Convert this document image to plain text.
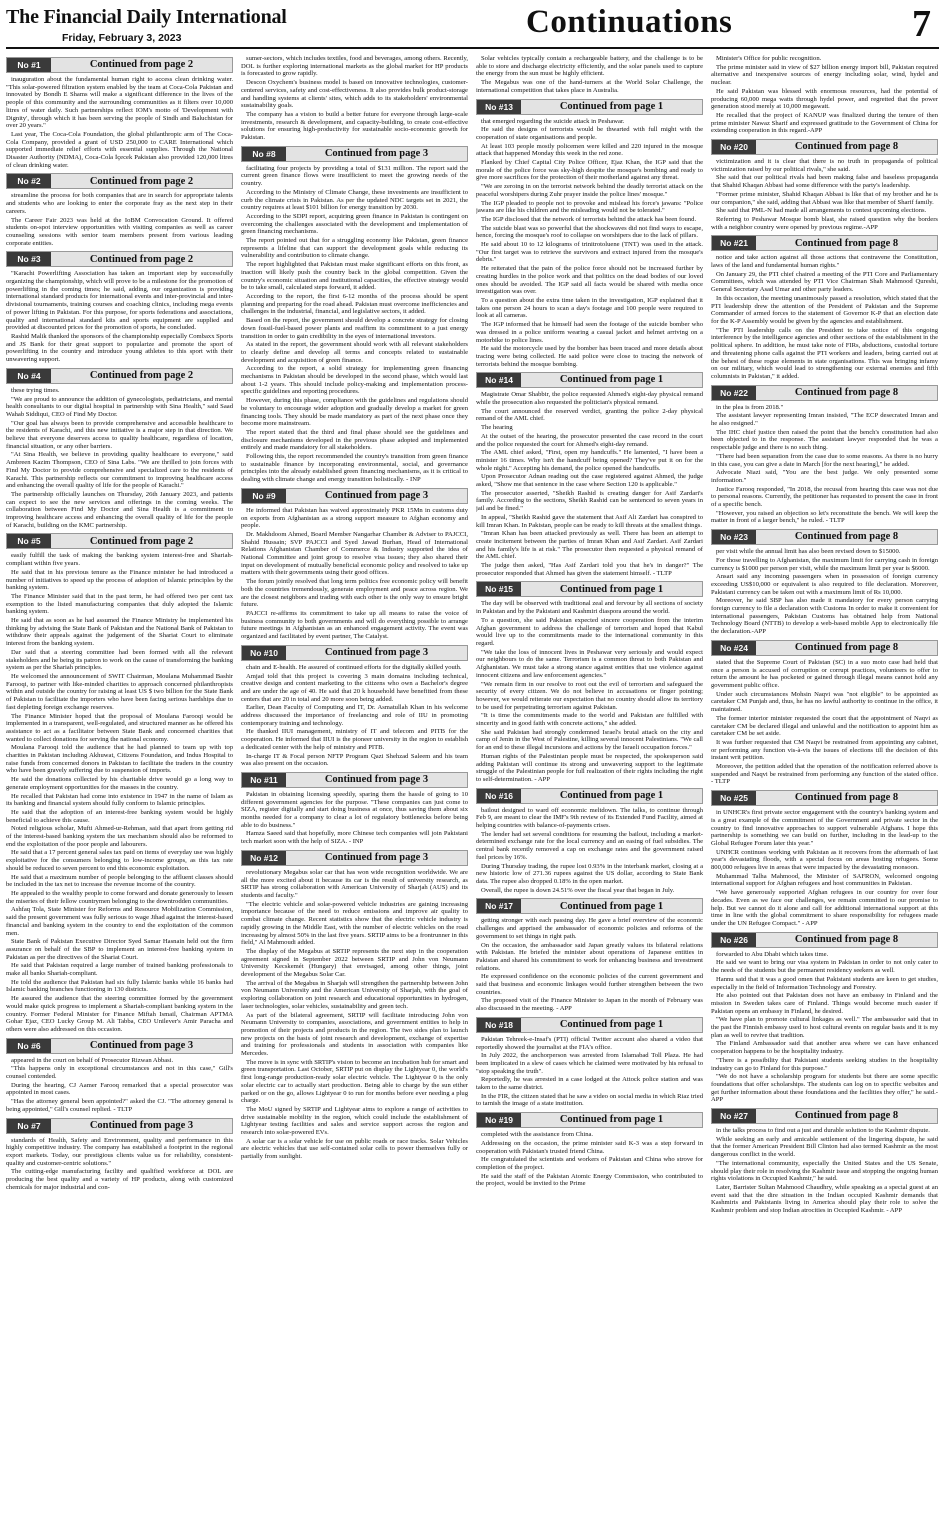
The Financial Daily International
Friday, February 3, 2023	Continuations	7
No #1	Continued from page 2

inauguration about the fundamental human right to access clean drinking water. "This solar-powered filtration system enabled by the team at Coca-Cola Pakistan and innovated by Bondh E Shams will make a significant difference in the lives of the people of this community and the surrounding communities as it filters over 10,000 litres of water daily. Such partnerships reflect IOM's motto of 'Development with Dignity', through which it has been serving the people of Sindh and Baluchistan for over 20 years."

Last year, The Coca-Cola Foundation, the global philanthropic arm of The Coca-Cola Company, provided a grant of USD 250,000 to CARE International which supported immediate relief efforts with essential supplies. Through the National Disaster Authority (NDMA), Coca-Cola İçecek Pakistan also provided 120,000 litres of clean drinking water.

No #2	Continued from page 2

streamline the process for both companies that are in search for appropriate talents and students who are looking to enter the corporate fray as the next step in their careers.

The Career Fair 2023 was held at the IoBM Convocation Ground. It offered students on-spot interview opportunities with visiting companies as well as career counseling sessions with senior team members present from various leading corporate entities.

No #3	Continued from page 2

"Karachi Powerlifting Association has taken an important step by successfully organizing the championship, which will prove to be a milestone for the promotion of powerlifting in the coming times; he said, adding, our organization is providing international standard products for international events and inter-provincial and inter-divisional tournaments, training courses and coaching clinics, including mega events of power lifting in Pakistan. For this purpose, for sports federations and associations, quality and international standard kits and sports equipment are supplied and provided at discounted prices for the promotion of sports, he concluded.

Rashid Malik thanked the sponsors of the championship especially Combaxx Sports and JS Bank for their great support to popularize and promote the sport of powerlifting in the country and introduce young athletes to this sport with their unwavering support.

No #4	Continued from page 2

these trying times.

"We are proud to announce the addition of gynecologists, pediatricians, and mental health consultants to our digital hospital in partnership with Sina Health," said Saad Wahab Siddiqui, CEO of Find My Doctor.

"Our goal has always been to provide comprehensive and accessible healthcare to the residents of Karachi, and this new initiative is a major step in that direction. We believe that everyone deserves access to quality healthcare, regardless of location, financial situation, or any other barriers.

"At Sina Health, we believe in providing quality healthcare to everyone," said Ambreen Kazim Thompson, CEO of Sina Labs. "We are thrilled to join forces with Find My Doctor to provide comprehensive and specialized care to the residents of Karachi. This partnership reflects our commitment to improving healthcare access and enhancing the overall quality of life for the people of Karachi."

The partnership officially launches on Thursday, 26th January 2023, and patients can expect to see the new services and offerings in the coming weeks. The collaboration between Find My Doctor and Sina Health is a commitment to improving healthcare access and enhancing the overall quality of life for the people of Karachi, building on the KMC partnership.

No #5	Continued from page 2

easily fulfill the task of making the banking system interest-free and Shariah-compliant within five years.

He said that in his previous tenure as the Finance minister he had introduced a number of initiatives to speed up the process of adoption of Islamic principles by the banking system.

The Finance Minister said that in the past term, he had offered two per cent tax exemption to the listed manufacturing companies that duly adopted the Islamic banking system.

He said that as soon as he had assumed the Finance Ministry he implemented his thinking by advising the State Bank of Pakistan and the National Bank of Pakistan to withdraw their appeals against the judgement of the Shariat Court to eliminate interest from the banking system.

Dar said that a steering committee had been formed with all the relevant stakeholders and he being its patron to work on the cause of transforming the banking system as per the Shariah principles.

He welcomed the announcement of SWIT Chairman, Moulana Muhammad Bashir Farooqi, to partner with like-minded charities to approach concerned philanthropists within and outside the country for raising at least US $ two billion for the State Bank of Pakistan to facilitate the importers who have been facing serious hardships due to fast depleting foreign exchange reserves.

The Finance Minister hoped that the proposal of Moulana Farooqi would be implemented in a transparent, well-regulated, and structured manner as he offered his assistance to act as a facilitator between State Bank and concerned charities that wanted to collect donations for serving the national economy.

Moulana Farooqi told the audience that he had planned to team up with top charities in Pakistan including Akhuwat, Citizens Foundation, and Indus Hospital to raise funds from concerned donors in Pakistan to facilitate the traders in the country who have been gravely suffering due to suspension of imports.

He said the donations collected by his charitable drive would go a long way to generate employment opportunities for the masses in the country.

He recalled that Pakistan had come into existence in 1947 in the name of Islam as its banking and financial system should fully conform to Islamic principles.

He said that the adoption of an interest-free banking system would be highly beneficial to achieve this cause.

Noted religious scholar, Mufti Ahmed-ur-Rehman, said that apart from getting rid of the interest-based banking system the tax mechanism should also be reformed to end the exploitation of the poor people and labourers.

He said that a 17 percent general sales tax paid on items of everyday use was highly exploitative for the consumers belonging to low-income groups, as this tax rate should be reduced to seven percent to end this economic exploitation.

He said that a maximum number of people belonging to the affluent classes should be included in the tax net to increase the revenue income of the country.

He appealed to the wealthy people to come forward and donate generously to lessen the miseries of their fellow countrymen belonging to the downtrodden communities.

Ashfaq Tola, State Minister for Reforms and Resource Mobilization Commission, said the present government was fully serious to wage Jihad against the interest-based financial and banking system in the country to end the exploitation of the common men.

State Bank of Pakistan Executive Director Syed Samar Hasnain held out the firm assurance on behalf of the SBP to implement an interest-free banking system in Pakistan as per the directives of the Shariat Court.

He said that Pakistan required a large number of trained banking professionals to make all banks Shariah-compliant.

He told the audience that Pakistan had six fully Islamic banks while 16 banks had Islamic banking branches functioning in 130 districts.

He assured the audience that the steering committee formed by the government would make quick progress to implement a Shariah-compliant banking system in the country. Former Federal Minister for Finance Miftah Ismail, Chairman APTMA Gohar Ejaz, CEO Lucky Group M. Ali Tabba, CEO Unilever's Amir Paracha and others were also addressed on this occasion.

No #6	Continued from page 3

appeared in the court on behalf of Prosecutor Rizwan Abbasi.

"This happens only in exceptional circumstances and not in this case," Gill's counsel contended.

During the hearing, CJ Aamer Farooq remarked that a special prosecutor was appointed in most cases.

"Has the attorney general been appointed?" asked the CJ. "The attorney general is being appointed," Gill's counsel replied. - TLTP

No #7	Continued from page 3

standards of Health, Safety and Environment, quality and performance in this highly competitive industry. The company has established a footprint in the regional export markets. Today, our prestigious clients value us for reliability, consistent-quality and customer-centric solutions."

The cutting-edge manufacturing facility and qualified workforce at DOL are producing the best quality and a variety of HP products, along with customized chemicals for major industrial and con-

sumer-sectors, which includes textiles, food and beverages, among others. Recently, DOL is further exploring international markets as the global market for HP products is forecasted to grow rapidly.

Descon Oxychem's business model is based on innovative technologies, customer-centered services, safety and cost-effectiveness. It also provides bulk product-storage and handling systems at clients' sites, which adds to its stakeholders' environmental sustainability goals.

The company has a vision to build a better future for everyone through large-scale investments, research & development, and capacity-building, to create cost-effective solutions for ensuring high-productivity for sustainable socio-economic growth for Pakistan.

No #8	Continued from page 3

facilitating four projects by providing a total of $131 million. The report said the current green finance flows were insufficient to meet the growing needs of the country.

According to the Ministry of Climate Change, these investments are insufficient to curb the climate crisis in Pakistan. As per the updated NDC targets set in 2021, the country requires at least $101 billion for energy transition by 2030.

According to the SDPI report, acquiring green finance in Pakistan is contingent on overcoming the challenges associated with the development and implementation of green financing mechanisms.

The report pointed out that for a struggling economy like Pakistan, green finance represents a lifeline that can support the development goals while reducing its vulnerability and contribution to climate change.

The report highlighted that Pakistan must make significant efforts on this front, as inaction will likely push the country back in the global competition. Given the country's economic situation and institutional capacities, the effective strategy would be to take small, calculated steps forward, it added.

According to the report, the first 6-12 months of the process should be spent planning and preparing for the road ahead. Pakistan must overcome inefficiencies and challenges in the industrial, financial, and legislative sectors, it added.

Based on the report, the government should develop a concrete strategy for closing down fossil-fuel-based power plants and reaffirm its commitment to a just energy transition in order to gain credibility in the eyes of international investors.

As stated in the report, the government should work with all relevant stakeholders to clearly define and develop all terms and concepts related to sustainable development and acquisition of green finance.

According to the report, a solid strategy for implementing green financing mechanisms in Pakistan should be developed in the second phase, which would last about 1-2 years. This should include policy-making and implementation process-specific guidelines and reporting procedures.

However, during this phase, compliance with the guidelines and regulations should be voluntary to encourage wider adoption and gradually develop a market for green financing tools. They should be made mandatory as part of the next phase once they become more mainstream.

The report stated that the third and final phase should see the guidelines and disclosure mechanisms developed in the previous phase adopted and implemented entirely and made mandatory for all stakeholders.

Following this, the report recommended the country's transition from green finance to sustainable finance by incorporating environmental, social, and governance principles into the already established green financing mechanisms, as it is critical to dealing with climate change and energy transition holistically. - INP

No #9	Continued from page 3

He informed that Pakistan has waived approximately PKR 15Mn in customs duty on exports from Afghanistan as a strong support measure to Afghan economy and people.

Dr. Makhdoom Ahmed, Board Member Nangarhar Chamber & Adviser to PAJCCI, Shahid Hussain; SVP PAJCCI and Syed Jawad Burhan, Head of International Relations Afghanistan Chamber of Commerce & Industry supported the idea of National Committee and joint group to resolve visa issues; they also shared their input on development of mutually beneficial economic policy and resolved to take up matters with their governments using their good offices.

The forum jointly resolved that long term politics free economic policy will benefit both the countries tremendously, generate employment and peace across region. We are the closest neighbors and trading with each other is the only way to ensure bright future.

PAJCCI re-affirms its commitment to take up all means to raise the voice of business community to both governments and will do everything possible to arrange future meetings in Afghanistan as an enhanced engagement activity. The event was organized and facilitated by event partner, The Catalyst.

No #10	Continued from page 3

chain and E-health. He assured of continued efforts for the digitally skilled youth.

Amjad told that this project is covering 3 main domains including technical, creative design and content marketing to the citizens who own a Bachelor's degree and are under the age of 40. He said that 20 k household have benefitted from these centers that are 20 in total and 20 more soon being added.

Earlier, Dean Faculty of Computing and IT, Dr. Asmatullah Khan in his welcome address discussed the importance of freelancing and role of IIU in promoting contemporary training and technology.

He thanked IIUI management, ministry of IT and telecom and PITB for the cooperation. He informed that IIUI is the pioneer university in the region to establish a dedicated center with the help of ministry and PITB.

In-charge IT & Focal person NFTP Program Qazi Shehzad Saleem and his team was also present on the occasion.

No #11	Continued from page 3

Pakistan in obtaining licensing speedily, sparing them the hassle of going to 10 different government agencies for the purpose. "These companies can just come to SIZA, register digitally and start doing business at once, thus saving them about six months needed for a company to clear a lot of regulatory bottlenecks before being able to do business."

Hamza Saeed said that hopefully, more Chinese tech companies will join Pakistani tech market soon with the help of SIZA. - INP

No #12	Continued from page 3

revolutionary Megabus solar car that has won wide recognition worldwide. We are all the more excited about it because its car is the result of university research, as SRTIP has strong collaboration with American University of Sharjah (AUS) and its students and faculty."

"The electric vehicle and solar-powered vehicle industries are gaining increasing importance because of the need to reduce emissions and improve air quality to combat climate change. Recent statistics show that the electric vehicle industry is rapidly growing in the Middle East, with the number of electric vehicles on the road increasing by almost 50% in the last five years. SRTIP aims to be a frontrunner in this field," Al Mahmoudi added.

The display of the Megabus at SRTIP represents the next step in the cooperation agreement signed in September 2022 between SRTIP and John von Neumann University Kecskemét (Hungary) that envisaged, among other things, joint development of the Megabus Solar Car.

The arrival of the Megabus in Sharjah will strengthen the partnership between John von Neumann University and the American University of Sharjah, with the goal of exploring collaboration on joint research and educational opportunities in hydrogen, laser technologies, solar vehicles, sustainability and green tech.

As part of the bilateral agreement, SRTIP will facilitate introducing John von Neumann University to companies, associations, and government entities to help in promotion of their projects and products in the region. The two sides plan to launch new projects on the basis of joint research and development, exchange of expertise and training for professionals and students in association with companies like Mercedes.

The move is in sync with SRTIP's vision to become an incubation hub for smart and green transportation. Last October, SRTIP put on display the Lightyear 0, the world's first long-range production-ready solar electric vehicle. The Lightyear 0 is the only solar electric car to actually start production. Being able to charge by the sun either parked or on the go, allows Lightyear 0 to run for months before ever needing a plug charge.

The MoU signed by SRTIP and Lightyear aims to explore a range of activities to drive sustainable mobility in the region, which could include the establishment of Lightyear testing facilities and sales and service support across the region and research into solar-powered EVs.

A solar car is a solar vehicle for use on public roads or race tracks. Solar Vehicles are electric vehicles that use self-contained solar cells to power themselves fully or partially from sunlight.

Solar vehicles typically contain a rechargeable battery, and the challenge is to be able to store and discharge electricity efficiently, and the solar panels used to capture the energy from the sun must be highly efficient.

The Megabus was one of the hand-turners at the World Solar Challenge, the international competition that takes place in Australia.

No #13	Continued from page 1

that emerged regarding the suicide attack in Peshawar.

He said the designs of terrorists would be thwarted with full might with the cooperation of state organisations and people.

At least 103 people mostly policemen were killed and 220 injured in the mosque attack that happened Monday this week in the red zone.

Flanked by Chief Capital City Police Officer, Ejaz Khan, the IGP said that the morale of the police force was sky-high despite the mosque's bombing and ready to give more sacrifices for the protection of their motherland against any threat.

"We are zeroing in on the terrorist network behind the deadly terrorist attack on the peaceful worshipers during Zuhr prayer inside the police lines' mosque."

The IGP pleaded to people not to provoke and mislead his force's jawans: "Police jawans are like his children and the misleading would not be tolerated."

The IGP disclosed that the network of terrorists behind the attack has been found.

The suicide blast was so powerful that the shockwaves did not find ways to escape, hence, forcing the mosque's roof to collapse on worshipers due to the lack of pillars.

He said about 10 to 12 kilograms of trinitrotoluene (TNT) was used in the attack. "Our first target was to retrieve the survivors and extract injured from the mosque's debris."

He reiterated that the pain of the police force should not be increased further by creating hurdles in the police work and that politics on the dead bodies of our loved ones should be avoided. The IGP said all facts would be shared with media once investigation was over.

To a question about the extra time taken in the investigation, IGP explained that it takes one person 24 hours to scan a day's footage and 100 people were required to look at all cameras.

The IGP informed that he himself had seen the footage of the suicide bomber who was dressed in a police uniform wearing a casual jacket and helmet arriving on a motorbike to police lines.

He said the motorcycle used by the bomber has been traced and more details about tracing were being collected. He said police were close to tracing the network of terrorists behind the mosque bombing.

No #14	Continued from page 1

Magistrate Omar Shabbir, the police requested Ahmed's eight-day physical remand while the prosecution also requested the politician's physical remand.

The court announced the reserved verdict, granting the police 2-day physical remand of the AML chief.

The hearing

At the outset of the hearing, the prosecutor presented the case record in the court and the police requested the court for Ahmed's eight-day remand.

The AML chief asked, "First, open my handcuffs." He lamented, "I have been a minister 16 times. Why isn't the handcuff being opened? They've put it on for the whole night." Accepting his demand, the police opened the handcuffs.

Upon Prosecutor Adnan reading out the case registered against Ahmed, the judge asked, "Show me that sentence in the case where Section 120 is applicable."

The prosecutor asserted, "Sheikh Rashid is creating danger for Asif Zardari's family. According to the sections, Sheikh Rashid can be sentenced to seven years in jail and be fined."

In appeal, "Sheikh Rashid gave the statement that Asif Ali Zardari has conspired to kill Imran Khan. In Pakistan, people can be ready to kill threats at the smallest things.

"Imran Khan has been attacked previously as well. There has been an attempt to create incitement between the parties of Imran Khan and Asif Zardari. Asif Zardari and his family's life is at risk." The prosecutor then requested a physical remand of the AML chief.

The judge then asked, "Has Asif Zardari told you that he's in danger?" The prosecutor responded that Ahmed has given the statement himself. - TLTP

No #15	Continued from page 1

The day will be observed with traditional zeal and fervour by all sections of society in Pakistan and by the Pakistani and Kashmiri diaspora around the world.

To a question, she said Pakistan expected sincere cooperation from the interim Afghan government to address the challenge of terrorism and hoped that Kabul would live up to the commitments made to the international community in this regard.

"We take the loss of innocent lives in Peshawar very seriously and would expect our neighbours to do the same. Terrorism is a common threat to both Pakistan and Afghanistan. We must take a strong stance against entities that use violence against innocent citizens and law enforcement agencies."

"We remain firm in our resolve to root out the evil of terrorism and safeguard the security of every citizen. We do not believe in accusations or finger pointing; however, we would reiterate our expectation that no country should allow its territory to be used for perpetrating terrorism against Pakistan.

"It is time the commitments made to the world and Pakistan are fulfilled with sincerity and in good faith with concrete actions," she added.

She said Pakistan had strongly condemned Israel's brutal attack on the city and camp of Jenin in the West of Palestine, killing several innocent Palestinians. "We call for an end to these illegal incursions and actions by the Israeli occupation forces."

Human rights of the Palestinian people must be respected, the spokesperson said adding Pakistan will continue its strong and unwavering support to the legitimate struggle of the Palestinian people for full realization of their rights including the right to self-determination. - APP

No #16	Continued from page 1

bailout designed to ward off economic meltdown. The talks, to continue through Feb 9, are meant to clear the IMF's 9th review of its Extended Fund Facility, aimed at helping countries with balance-of-payments crises.

The lender had set several conditions for resuming the bailout, including a market-determined exchange rate for the local currency and an easing of fuel subsidies. The central bank recently removed a cap on exchange rates and the government raised fuel prices by 16%.

During Thursday trading, the rupee lost 0.93% in the interbank market, closing at a new historic low of 271.36 rupees against the US dollar, according to State Bank data. The rupee also dropped 0.18% in the open market.

Overall, the rupee is down 24.51% over the fiscal year that began in July.

No #17	Continued from page 1

getting stronger with each passing day. He gave a brief overview of the economic challenges and apprised the ambassador of economic policies and reforms of the government to set things in right path.

On the occasion, the ambassador said Japan greatly values its bilateral relations with Pakistan. He briefed the minister about operations of Japanese entities in Pakistan and shared his commitment to work for enhancing business and investment relations.

He expressed confidence on the economic policies of the current government and said that business and economic linkages would further strengthen between the two countries.

The proposed visit of the Finance Minister to Japan in the month of February was also discussed in the meeting. - APP

No #18	Continued from page 1

Pakistan Tehreek-e-Insaf's (PTI) official Twitter account also shared a video that reportedly showed the journalist at the FIA's office.

In July 2022, the anchorperson was arrested from Islamabad Toll Plaza. He had been implicated in a slew of cases which he claimed were motivated by his refusal to "stop speaking the truth".

Reportedly, he was arrested in a case lodged at the Attock police station and was taken to the same district.

In the FIR, the citizen stated that he saw a video on social media in which Riaz tried to tarnish the image of a state institution.

No #19	Continued from page 1

completed with the assistance from China.

Addressing on the occasion, the prime minister said K-3 was a step forward in cooperation with Pakistan's trusted friend China.

He congratulated the scientists and workers of Pakistan and China who strove for completion of the project.

He said the staff of the Pakistan Atomic Energy Commission, who contributed to the project, would be invited to the Prime

Minister's Office for public recognition.

The prime minister said in view of $27 billion energy import bill, Pakistan required alternative and inexpensive sources of energy including solar, wind, hydel and nuclear.

He said Pakistan was blessed with enormous resources, had the potential of producing 60,000 mega watts through hydel power, and regretted that the power generation stood merely at 10,000 megawatt.

He recalled that the project of KANUP was finalized during the tenure of then prime minister Nawaz Sharif and expressed gratitude to the Government of China for extending cooperation in this regard.-APP

No #20	Continued from page 8

victimization and it is clear that there is no truth in propaganda of political victimization raised by our political rivals," she said.

She said that our political rivals had been making false and baseless propaganda that Shahid Khaqan Abbasi had some difference with the party's leadership.

"Former prime minister, Shahid Khaqan Abbasi is like that of my brother and he is our companion," she said, adding that Abbasi was like that member of Sharif family.

She said that PML-N had made all arrangements to contest upcoming elections.

Referring to Peshawar Mosque bomb blast, she raised question why the borders with a neighbor country were opened by previous regime.-APP

No #21	Continued from page 8

notice and take action against all those actions that contravene the Constitution, laws of the land and fundamental human rights."

On January 29, the PTI chief chaired a meeting of the PTI Core and Parliamentary Committees, which was attended by PTI Vice Chairman Shah Mahmood Qureshi, General Secretary Asad Umar and other party leaders.

In this occasion, the meeting unanimously passed a resolution, which stated that the PTI leadership drew the attention of the President of Pakistan and the Supreme Commander of armed forces to the statement of Governor K-P that an election date for the K-P Assembly would be given by the agencies and establishment.

"The PTI leadership calls on the President to take notice of this ongoing interference by the intelligence agencies and other sections of the establishment in the political sphere. In addition, he must take note of FIRs, abductions, custodial torture and threatening phone calls against the PTI workers and leaders, being carried out at the behest of these rogue elements in state organisations. This was bringing infamy on our military, which would lead to strengthening our external enemies and fifth columnists in Pakistan," it added.

No #22	Continued from page 8

in the plea is from 2018."

The assistant lawyer representing Imran insisted, "The ECP desecrated Imran and he also resigned."

The IHC chief justice then raised the point that the bench's constitution had also been objected to in the response. The assistant lawyer responded that he was a respectable judge and there is no such thing.

"There had been separation from the case due to some reasons. As there is no hurry in this case, you can give a date in March [for the next hearing]," he added.

Advocate Niazi said, "You are the best judge. We only presented some information."

Justice Farooq responded, "In 2018, the recusal from hearing this case was not due to personal reasons. Currently, the petitioner has requested to present the case in front of a specific bench.

"However, you raised an objection so let's reconstitute the bench. We will keep the matter in front of a larger bench," he ruled. - TLTP

No #23	Continued from page 8

per visit while the annual limit has also been revised down to $15000.

For those travelling to Afghanistan, the maximum limit for carrying cash in foreign currency is $1000 per person per visit, while the maximum limit per year is $6000.

Ansari said any incoming passengers when in possession of foreign currency exceeding US$10,000 or equivalent is also required to file declaration. Moreover, Pakistani currency can be taken out with a maximum limit of Rs 10,000.

Moreover, he said SBP has also made it mandatory for every person carrying foreign currency to file a declaration with Customs In order to make it convenient for international passengers, Pakistan Customs has obtained help from National Technology Board (NTTB) to develop a web-based mobile App to electronically file the declaration.-APP

No #24	Continued from page 8

stated that the Supreme Court of Pakistan (SC) in a suo moto case had held that once a person is accused of corruption or corrupt practices, volunteers to offer to return the amount he has pocketed or gained through illegal means cannot hold any government public office.

Under such circumstances Mohsin Naqvi was "not eligible" to be appointed as caretaker CM Punjab and, thus, he has no lawful authority to continue in the office, it maintained.

The former interior minister requested the court that the appointment of Naqvi as caretaker CM be declared illegal and unlawful and the notification to appoint him as caretaker CM be set aside.

It was further requested that CM Naqvi be restrained from appointing any cabinet, or performing any function vis-à-vis the issues of elections till the decision of this instant writ petition.

Moreover, the petition added that the operation of the notification referred above is suspended and Naqvi be restrained from performing any function of the stated office. - TLTP

No #25	Continued from page 8

in UNHCR's first private sector engagement with the country's banking system and is a great example of the commitment of the Government and private sector in the country to find innovative approaches to support vulnerable Afghans. I hope this partnership is something we can build on further, including in the lead-up to the Global Refugee Forum later this year."

UNHCR continues working with Pakistan as it recovers from the aftermath of last year's devastating floods, with a special focus on areas hosting refugees. Some 800,000 refugees live in areas that were impacted by the devastating monsoon.

Muhammad Talha Mahmood, the Minister of SAFRON, welcomed ongoing international support for Afghan refugees and host communities in Pakistan.

"We have generously supported Afghan refugees in our country for over four decades. Even as we face our challenges, we remain committed to our promise to help. But we cannot do it alone and call for additional international support at this time in line with the global commitment to share responsibility for refugees made under the UN Refugee Compact." - APP

No #26	Continued from page 8

forwarded to Abu Dhabi which takes time.

He said we want to bring our visa system in Pakistan in order to not only cater to the needs of the students but the permanent residency seekers as well.

Hannu said that it was a good omen that Pakistani students are keen to get studies, especially in the field of Information Technology and Forestry.

He also pointed out that Pakistan does not have an embassy in Finland and the mission in Sweden takes care of Finland. Things would become much easier if Pakistan opens an embassy in Finland, he desired.

"We have plan to promote cultural linkages as well." The ambassador said that in the past the Finnish embassy used to host cultural events on regular basis and it is my plan as well to revive that tradition.

The Finland Ambassador said that another area where we can have enhanced cooperation happens to be the hospitality industry.

"There is a possibility that Pakistani students seeking studies in the hospitality industry can go to Finland for this purpose."

"We do not have a scholarship program for students but there are some specific foundations that offer scholarships. The students can log on to specific websites and get further information about these foundations and the facilities they offer," he said.-APP

No #27	Continued from page 8

in the talks process to find out a just and durable solution to the Kashmir dispute.

While seeking an early and amicable settlement of the lingering dispute, he said that the former American President Bill Clinton had also termed Kashmir as the most dangerous conflict in the world.

"The international community, especially the United States and the US Senate, should play their role in resolving the Kashmir issue and stopping the ongoing human rights violations in Occupied Kashmir," he said.

Later, Barrister Sultan Mahmood Chaudhry, while speaking as a special guest at an event said that the dire situation in the Indian occupied Kashmir demands that Kashmiris and Pakistanis living in America should play their role to solve the Kashmir problem and stop Indian atrocities in Occupied Kashmir. - APP
